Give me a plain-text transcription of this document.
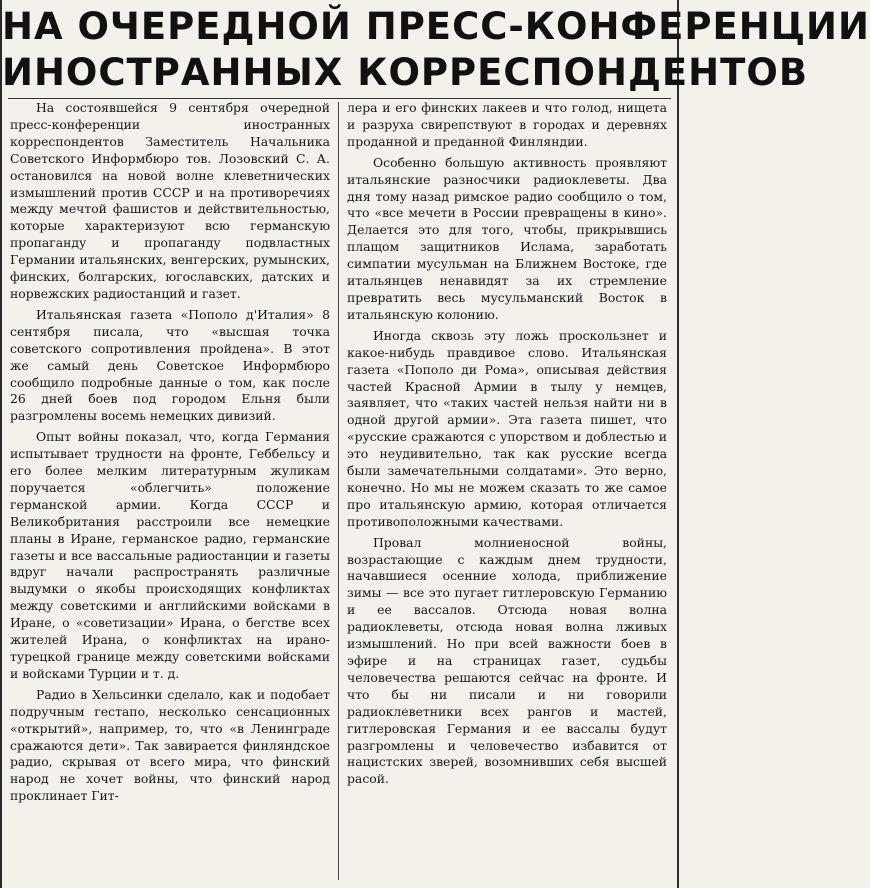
НА ОЧЕРЕДНОЙ ПРЕСС-КОНФЕРЕНЦИИ
ИНОСТРАННЫХ КОРРЕСПОНДЕНТОВ

На состоявшейся 9 сентября очередной пресс-конференции иностранных корреспондентов Заместитель Начальника Советского Информбюро тов. Лозовский С. А. остановился на новой волне клеветнических измышлений против СССР и на противоречиях между мечтой фашистов и действительностью, которые характеризуют всю германскую пропаганду и пропаганду подвластных Германии итальянских, венгерских, румынских, финских, болгарских, югославских, датских и норвежских радиостанций и газет.

Итальянская газета «Пополо д'Италия» 8 сентября писала, что «высшая точка советского сопротивления пройдена». В этот же самый день Советское Информбюро сообщило подробные данные о том, как после 26 дней боев под городом Ельня были разгромлены восемь немецких дивизий.

Опыт войны показал, что, когда Германия испытывает трудности на фронте, Геббельсу и его более мелким литературным жуликам поручается «облегчить» положение германской армии. Когда СССР и Великобритания расстроили все немецкие планы в Иране, германское радио, германские газеты и все вассальные радиостанции и газеты вдруг начали распространять различные выдумки о якобы происходящих конфликтах между советскими и английскими войсками в Иране, о «советизации» Ирана, о бегстве всех жителей Ирана, о конфликтах на ирано-турецкой границе между советскими войсками и войсками Турции и т. д.

Радио в Хельсинки сделало, как и подобает подручным гестапо, несколько сенсационных «открытий», например, то, что «в Ленинграде сражаются дети». Так завирается финляндское радио, скрывая от всего мира, что финский народ не хочет войны, что финский народ проклинает Гит-

лера и его финских лакеев и что голод, нищета и разруха свирепствуют в городах и деревнях проданной и преданной Финляндии.

Особенно большую активность проявляют итальянские разносчики радиоклеветы. Два дня тому назад римское радио сообщило о том, что «все мечети в России превращены в кино». Делается это для того, чтобы, прикрывшись плащом защитников Ислама, заработать симпатии мусульман на Ближнем Востоке, где итальянцев ненавидят за их стремление превратить весь мусульманский Восток в итальянскую колонию.

Иногда сквозь эту ложь проскользнет и какое-нибудь правдивое слово. Итальянская газета «Пополо ди Рома», описывая действия частей Красной Армии в тылу у немцев, заявляет, что «таких частей нельзя найти ни в одной другой армии». Эта газета пишет, что «русские сражаются с упорством и доблестью и это неудивительно, так как русские всегда были замечательными солдатами». Это верно, конечно. Но мы не можем сказать то же самое про итальянскую армию, которая отличается противоположными качествами.

Провал молниеносной войны, возрастающие с каждым днем трудности, начавшиеся осенние холода, приближение зимы — все это пугает гитлеровскую Германию и ее вассалов. Отсюда новая волна радиоклеветы, отсюда новая волна лживых измышлений. Но при всей важности боев в эфире и на страницах газет, судьбы человечества решаются сейчас на фронте. И что бы ни писали и ни говорили радиоклеветники всех рангов и мастей, гитлеровская Германия и ее вассалы будут разгромлены и человечество избавится от нацистских зверей, возомнивших себя высшей расой.
